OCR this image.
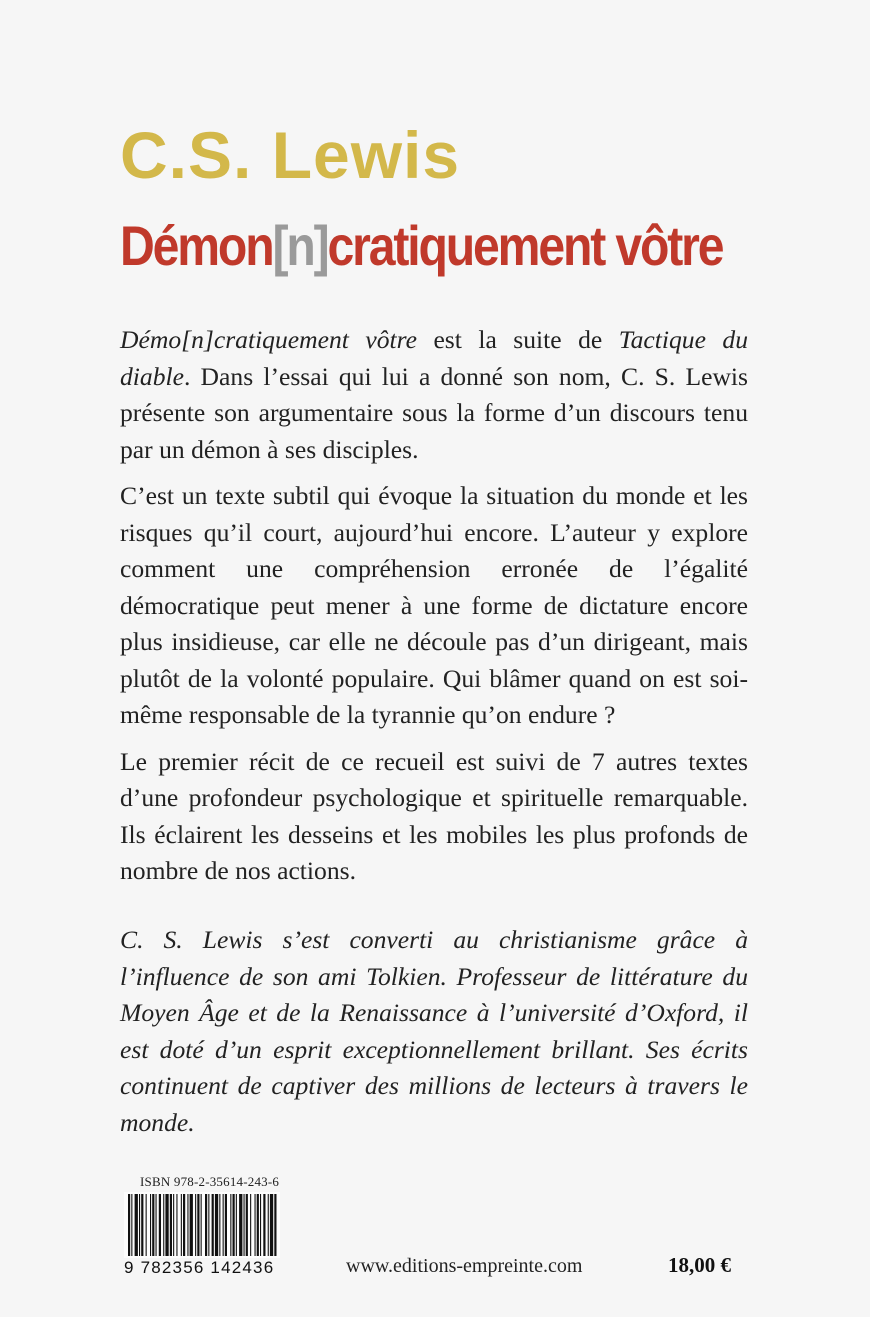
C.S. Lewis
Démon[n]cratiquement vôtre

Démo[n]cratiquement vôtre est la suite de Tactique du diable. Dans l’essai qui lui a donné son nom, C. S. Lewis présente son argumentaire sous la forme d’un discours tenu par un démon à ses disciples.

C’est un texte subtil qui évoque la situation du monde et les risques qu’il court, aujourd’hui encore. L’auteur y explore comment une compréhension erronée de l’égalité démocratique peut mener à une forme de dictature encore plus insidieuse, car elle ne découle pas d’un dirigeant, mais plutôt de la volonté populaire. Qui blâmer quand on est soi-même responsable de la tyrannie qu’on endure ?

Le premier récit de ce recueil est suivi de 7 autres textes d’une profondeur psychologique et spirituelle remarquable. Ils éclairent les desseins et les mobiles les plus profonds de nombre de nos actions.

C. S. Lewis s’est converti au christianisme grâce à l’influence de son ami Tolkien. Professeur de littérature du Moyen Âge et de la Renaissance à l’université d’Oxford, il est doté d’un esprit exceptionnellement brillant. Ses écrits continuent de captiver des millions de lecteurs à travers le monde.

ISBN 978-2-35614-243-6
9 782356 142436	www.editions-empreinte.com	18,00 €
